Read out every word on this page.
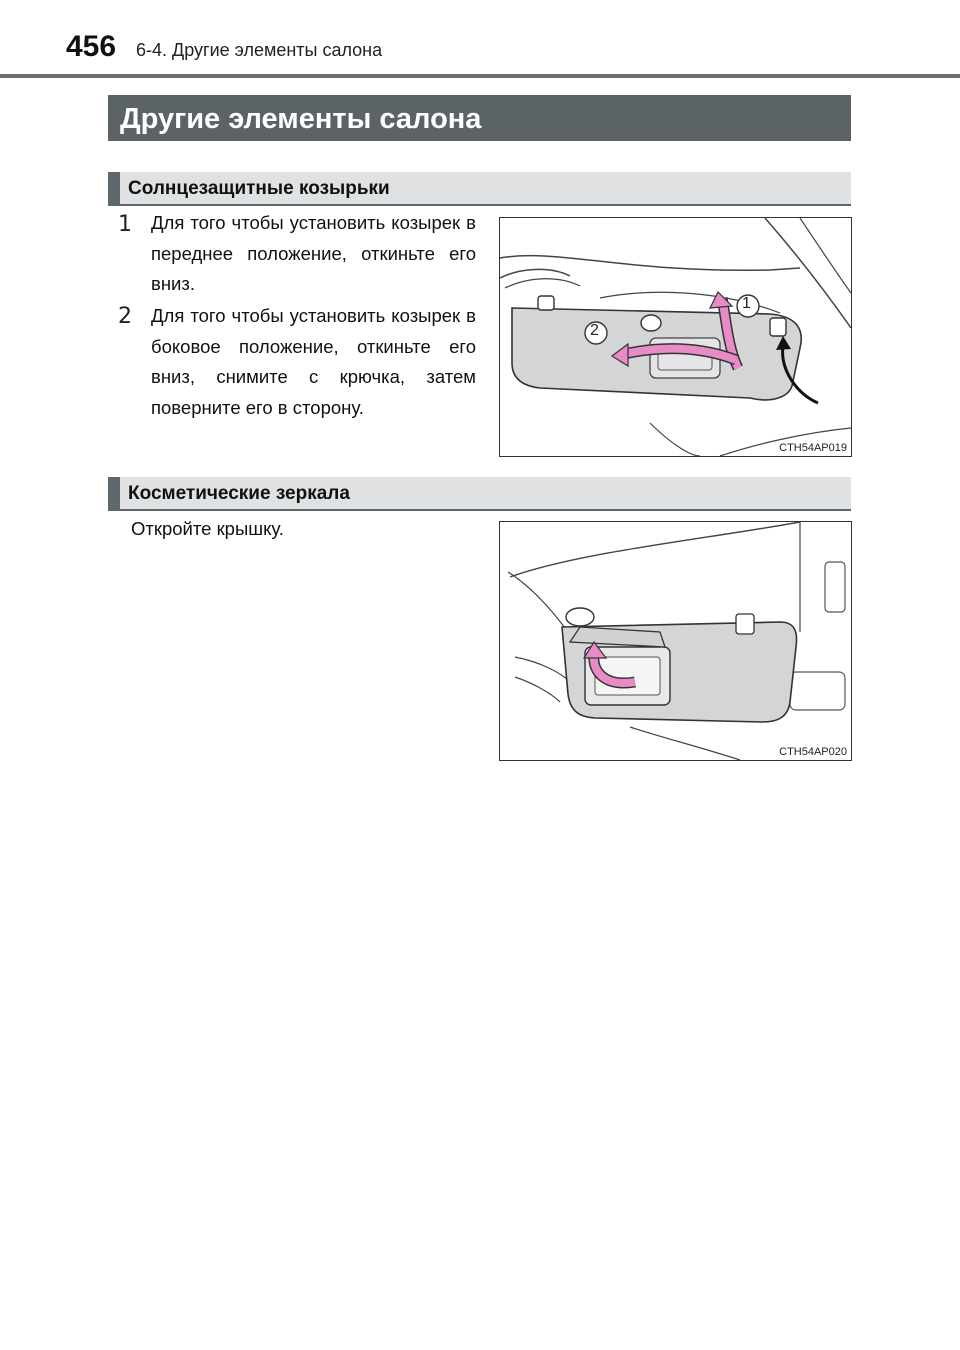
456 6-4. Другие элементы салона
Другие элементы салона
Солнцезащитные козырьки
1	Для того чтобы установить козырек в переднее положение, откиньте его вниз.
2	Для того чтобы установить козырек в боковое положение, откиньте его вниз, снимите с крючка, затем поверните его в сторону.
1
2
CTH54AP019
Косметические зеркала
Откройте крышку.
CTH54AP020
